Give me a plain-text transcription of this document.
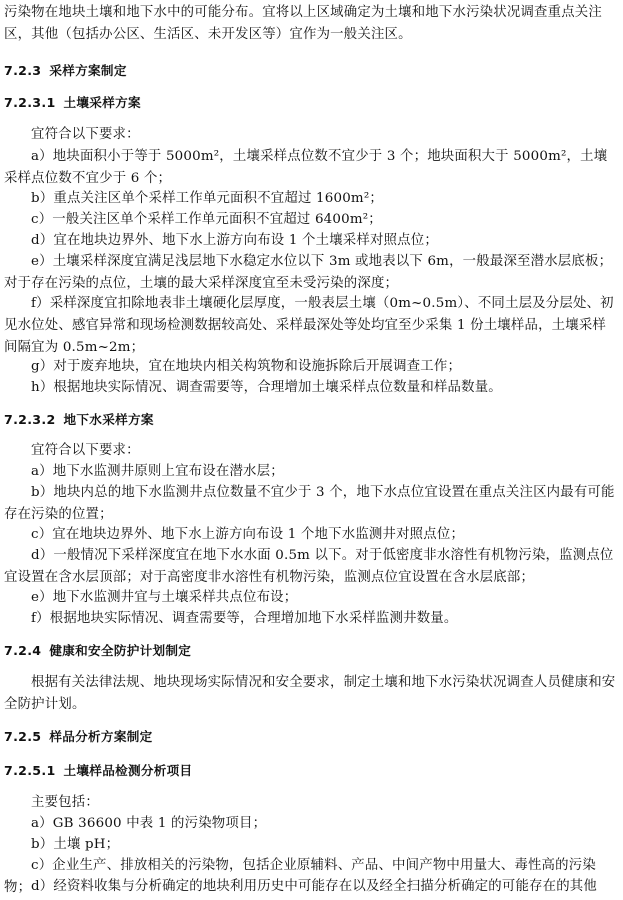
污染物在地块土壤和地下水中的可能分布。宜将以上区域确定为土壤和地下水污染状况调查重点关注区，其他（包括办公区、生活区、未开发区等）宜作为一般关注区。

7.2.3 采样方案制定
7.2.3.1 土壤采样方案

宜符合以下要求：

a）地块面积小于等于 5000m²，土壤采样点位数不宜少于 3 个；地块面积大于 5000m²，土壤采样点位数不宜少于 6 个；

b）重点关注区单个采样工作单元面积不宜超过 1600m²；

c）一般关注区单个采样工作单元面积不宜超过 6400m²；

d）宜在地块边界外、地下水上游方向布设 1 个土壤采样对照点位；

e）土壤采样深度宜满足浅层地下水稳定水位以下 3m 或地表以下 6m，一般最深至潜水层底板；对于存在污染的点位，土壤的最大采样深度宜至未受污染的深度；

f）采样深度宜扣除地表非土壤硬化层厚度，一般表层土壤（0m~0.5m）、不同土层及分层处、初见水位处、感官异常和现场检测数据较高处、采样最深处等处均宜至少采集 1 份土壤样品，土壤采样间隔宜为 0.5m~2m；

g）对于废弃地块，宜在地块内相关构筑物和设施拆除后开展调查工作；

h）根据地块实际情况、调查需要等，合理增加土壤采样点位数量和样品数量。

7.2.3.2 地下水采样方案

宜符合以下要求：

a）地下水监测井原则上宜布设在潜水层；

b）地块内总的地下水监测井点位数量不宜少于 3 个，地下水点位宜设置在重点关注区内最有可能存在污染的位置；

c）宜在地块边界外、地下水上游方向布设 1 个地下水监测井对照点位；

d）一般情况下采样深度宜在地下水水面 0.5m 以下。对于低密度非水溶性有机物污染，监测点位宜设置在含水层顶部；对于高密度非水溶性有机物污染，监测点位宜设置在含水层底部；

e）地下水监测井宜与土壤采样共点位布设；

f）根据地块实际情况、调查需要等，合理增加地下水采样监测井数量。

7.2.4 健康和安全防护计划制定

根据有关法律法规、地块现场实际情况和安全要求，制定土壤和地下水污染状况调查人员健康和安全防护计划。

7.2.5 样品分析方案制定
7.2.5.1 土壤样品检测分析项目

主要包括：

a）GB 36600 中表 1 的污染物项目；

b）土壤 pH；

c）企业生产、排放相关的污染物，包括企业原辅料、产品、中间产物中用量大、毒性高的污染物； d）经资料收集与分析确定的地块利用历史中可能存在以及经全扫描分析确定的可能存在的其他
